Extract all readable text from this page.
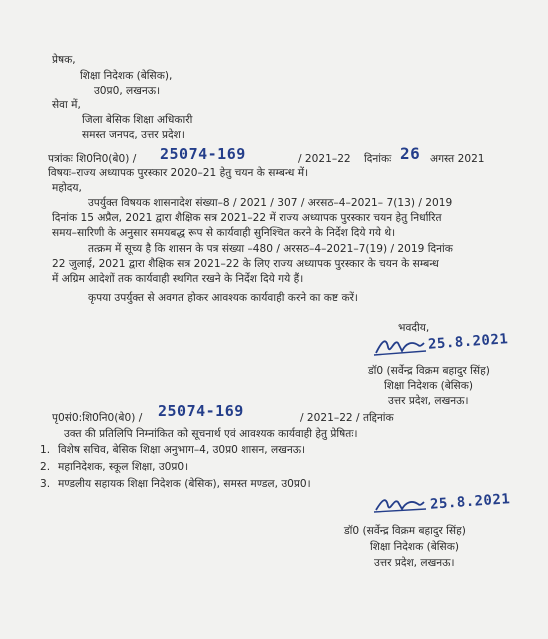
प्रेषक,
शिक्षा निदेशक (बेसिक),
उ0प्र0, लखनऊ।
सेवा में,
जिला बेसिक शिक्षा अधिकारी
समस्त जनपद, उत्तर प्रदेश।
पत्रांकः शि0नि0(बे0) / 25074-169	/ 2021–22 दिनांकः 26 अगस्त 2021
विषयः–राज्य अध्यापक पुरस्कार 2020–21 हेतु चयन के सम्बन्ध में।
महोदय,
उपर्युक्त विषयक शासनादेश संख्या–8 / 2021 / 307 / अरसठ–4–2021– 7(13) / 2019
दिनांक 15 अप्रैल, 2021 द्वारा शैक्षिक सत्र 2021–22 में राज्य अध्यापक पुरस्कार चयन हेतु निर्धारित
समय–सारिणी के अनुसार समयबद्ध रूप से कार्यवाही सुनिश्चित करने के निर्देश दिये गये थे।
तत्क्रम में सूच्य है कि शासन के पत्र संख्या –480 / अरसठ–4–2021–7(19) / 2019 दिनांक
22 जुलाई, 2021 द्वारा शैक्षिक सत्र 2021–22 के लिए राज्य अध्यापक पुरस्कार के चयन के सम्बन्ध
में अग्रिम आदेशों तक कार्यवाही स्थगित रखने के निर्देश दिये गये हैं।
कृपया उपर्युक्त से अवगत होकर आवश्यक कार्यवाही करने का कष्ट करें।
भवदीय,
25.8.2021
डॉ0 (सर्वेन्द्र विक्रम बहादुर सिंह)
शिक्षा निदेशक (बेसिक)
उत्तर प्रदेश, लखनऊ।
पृ0सं0:शि0नि0(बे0) / 25074-169	/ 2021–22 / तद्दिनांक
उक्त की प्रतिलिपि निम्नांकित को सूचनार्थ एवं आवश्यक कार्यवाही हेतु प्रेषितः।
1. विशेष सचिव, बेसिक शिक्षा अनुभाग–4, उ0प्र0 शासन, लखनऊ।
2. महानिदेशक, स्कूल शिक्षा, उ0प्र0।
3. मण्डलीय सहायक शिक्षा निदेशक (बेसिक), समस्त मण्डल, उ0प्र0।
25.8.2021
डॉ0 (सर्वेन्द्र विक्रम बहादुर सिंह)
शिक्षा निदेशक (बेसिक)
उत्तर प्रदेश, लखनऊ।
